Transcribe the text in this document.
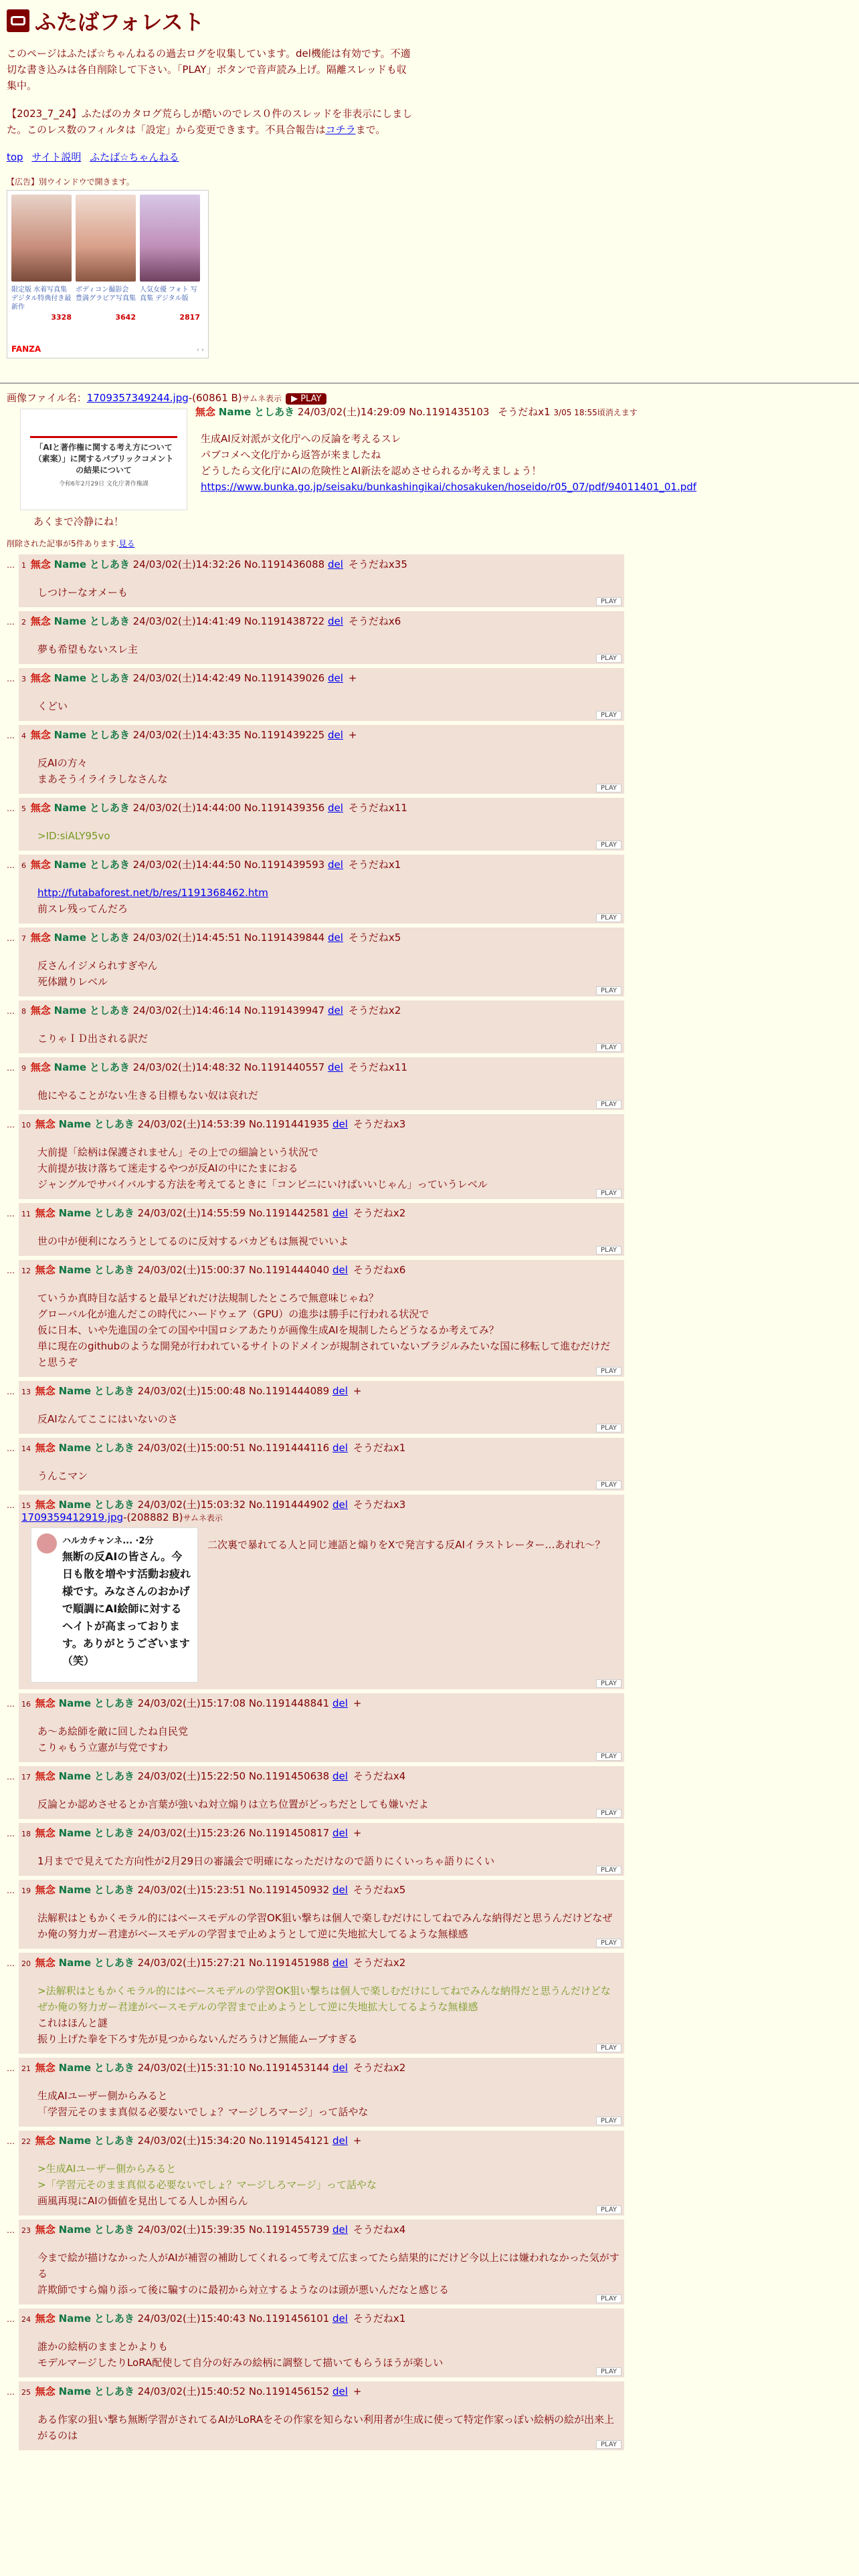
ふたばフォレスト

このページはふたば☆ちゃんねるの過去ログを収集しています。del機能は有効です。不適切な書き込みは各自削除して下さい。「PLAY」ボタンで音声読み上げ。隔離スレッドも収集中。

【2023_7_24】ふたばのカタログ荒らしが酷いのでレス０件のスレッドを非表示にしました。このレス数のフィルタは「設定」から変更できます。不具合報告はコチラまで。

top サイト説明 ふたば☆ちゃんねる
【広告】別ウインドウで開きます。
限定版 水着写真集 デジタル特典付き最新作
ボディコン撮影会 豊満グラビア写真集
人気女優 フォト 写真集 デジタル版
3328	3642	2817
FANZA	‹ ›
画像ファイル名：1709357349244.jpg-(60861 B)サムネ表示 ▶ PLAY
「AIと著作権に関する考え方について（素案）」に関するパブリックコメントの結果について
令和6年2月29日 文化庁著作権課
無念 Name としあき 24/03/02(土)14:29:09 No.1191435103 そうだねx1 3/05 18:55頃消えます
生成AI反対派が文化庁への反論を考えるスレ
パブコメへ文化庁から返答が来ましたね
どうしたら文化庁にAIの危険性とAI新法を認めさせられるか考えましょう！
https://www.bunka.go.jp/seisaku/bunkashingikai/chosakuken/hoseido/r05_07/pdf/94011401_01.pdf
あくまで冷静にね！
削除された記事が5件あります.見る
… 1 無念 Name としあき 24/03/02(土)14:32:26 No.1191436088 del そうだねx35
しつけーなオメーも
PLAY
… 2 無念 Name としあき 24/03/02(土)14:41:49 No.1191438722 del そうだねx6
夢も希望もないスレ主
PLAY
… 3 無念 Name としあき 24/03/02(土)14:42:49 No.1191439026 del +
くどい
PLAY
… 4 無念 Name としあき 24/03/02(土)14:43:35 No.1191439225 del +
反AIの方々
まあそうイライラしなさんな
PLAY
… 5 無念 Name としあき 24/03/02(土)14:44:00 No.1191439356 del そうだねx11
>ID:siALY95vo
PLAY
… 6 無念 Name としあき 24/03/02(土)14:44:50 No.1191439593 del そうだねx1
http://futabaforest.net/b/res/1191368462.htm
前スレ残ってんだろ
PLAY
… 7 無念 Name としあき 24/03/02(土)14:45:51 No.1191439844 del そうだねx5
反さんイジメられすぎやん
死体蹴りレベル
PLAY
… 8 無念 Name としあき 24/03/02(土)14:46:14 No.1191439947 del そうだねx2
こりゃＩＤ出される訳だ
PLAY
… 9 無念 Name としあき 24/03/02(土)14:48:32 No.1191440557 del そうだねx11
他にやることがない生きる目標もない奴は哀れだ
PLAY
… 10 無念 Name としあき 24/03/02(土)14:53:39 No.1191441935 del そうだねx3
大前提「絵柄は保護されません」その上での細論という状況で
大前提が抜け落ちて迷走するやつが反AIの中にたまにおる
ジャングルでサバイバルする方法を考えてるときに「コンビニにいけばいいじゃん」っていうレベル
PLAY
… 11 無念 Name としあき 24/03/02(土)14:55:59 No.1191442581 del そうだねx2
世の中が便利になろうとしてるのに反対するバカどもは無視でいいよ
PLAY
… 12 無念 Name としあき 24/03/02(土)15:00:37 No.1191444040 del そうだねx6
ていうか真時目な話すると最早どれだけ法規制したところで無意味じゃね？
グローバル化が進んだこの時代にハードウェア（GPU）の進歩は勝手に行われる状況で
仮に日本、いや先進国の全ての国や中国ロシアあたりが画像生成AIを規制したらどうなるか考えてみ？
単に現在のgithubのような開発が行われているサイトのドメインが規制されていないブラジルみたいな国に移転して進むだけだと思うぞ
PLAY
… 13 無念 Name としあき 24/03/02(土)15:00:48 No.1191444089 del +
反AIなんてここにはいないのさ
PLAY
… 14 無念 Name としあき 24/03/02(土)15:00:51 No.1191444116 del そうだねx1
うんこマン
PLAY
… 15 無念 Name としあき 24/03/02(土)15:03:32 No.1191444902 del そうだねx3
1709359412919.jpg-(208882 B)サムネ表示
ハルカチャンネ... ·2分
無断の反AIの皆さん。今日も散を増やす活動お疲れ様です。みなさんのおかげで順調にAI絵師に対するヘイトが高まっております。ありがとうございます（笑）
二次裏で暴れてる人と同じ連語と煽りをXで発言する反AIイラストレーター…あれれ～？
PLAY
… 16 無念 Name としあき 24/03/02(土)15:17:08 No.1191448841 del +
あ～あ絵師を敵に回したね自民党
こりゃもう立憲が与党ですわ
PLAY
… 17 無念 Name としあき 24/03/02(土)15:22:50 No.1191450638 del そうだねx4
反論とか認めさせるとか言葉が強いね対立煽りは立ち位置がどっちだとしても嫌いだよ
PLAY
… 18 無念 Name としあき 24/03/02(土)15:23:26 No.1191450817 del +
1月までで見えてた方向性が2月29日の審議会で明確になっただけなので語りにくいっちゃ語りにくい
PLAY
… 19 無念 Name としあき 24/03/02(土)15:23:51 No.1191450932 del そうだねx5
法解釈はともかくモラル的にはベースモデルの学習OK狙い撃ちは個人で楽しむだけにしてねでみんな納得だと思うんだけどなぜか俺の努力ガー君達がベースモデルの学習まで止めようとして逆に失地拡大してるような無様感
PLAY
… 20 無念 Name としあき 24/03/02(土)15:27:21 No.1191451988 del そうだねx2
>法解釈はともかくモラル的にはベースモデルの学習OK狙い撃ちは個人で楽しむだけにしてねでみんな納得だと思うんだけどなぜか俺の努力ガー君達がベースモデルの学習まで止めようとして逆に失地拡大してるような無様感
これはほんと謎
振り上げた拳を下ろす先が見つからないんだろうけど無能ムーブすぎる
PLAY
… 21 無念 Name としあき 24/03/02(土)15:31:10 No.1191453144 del そうだねx2
生成AIユーザー側からみると
「学習元そのまま真似る必要ないでしょ？マージしろマージ」って話やな
PLAY
… 22 無念 Name としあき 24/03/02(土)15:34:20 No.1191454121 del +
>生成AIユーザー側からみると
>「学習元そのまま真似る必要ないでしょ？マージしろマージ」って話やな
画風再現にAIの価値を見出してる人しか困らん
PLAY
… 23 無念 Name としあき 24/03/02(土)15:39:35 No.1191455739 del そうだねx4
今まで絵が描けなかった人がAIが補習の補助してくれるって考えて広まってたら結果的にだけど今以上には嫌われなかった気がする
許欺師ですら煽り添って後に騙すのに最初から対立するようなのは頭が悪いんだなと感じる
PLAY
… 24 無念 Name としあき 24/03/02(土)15:40:43 No.1191456101 del そうだねx1
誰かの絵柄のままとかよりも
モデルマージしたりLoRA配使して自分の好みの絵柄に調整して描いてもらうほうが楽しい
PLAY
… 25 無念 Name としあき 24/03/02(土)15:40:52 No.1191456152 del +
ある作家の狙い撃ち無断学習がされてるAIがLoRAをその作家を知らない利用者が生成に使って特定作家っぽい絵柄の絵が出来上がるのは
PLAY
